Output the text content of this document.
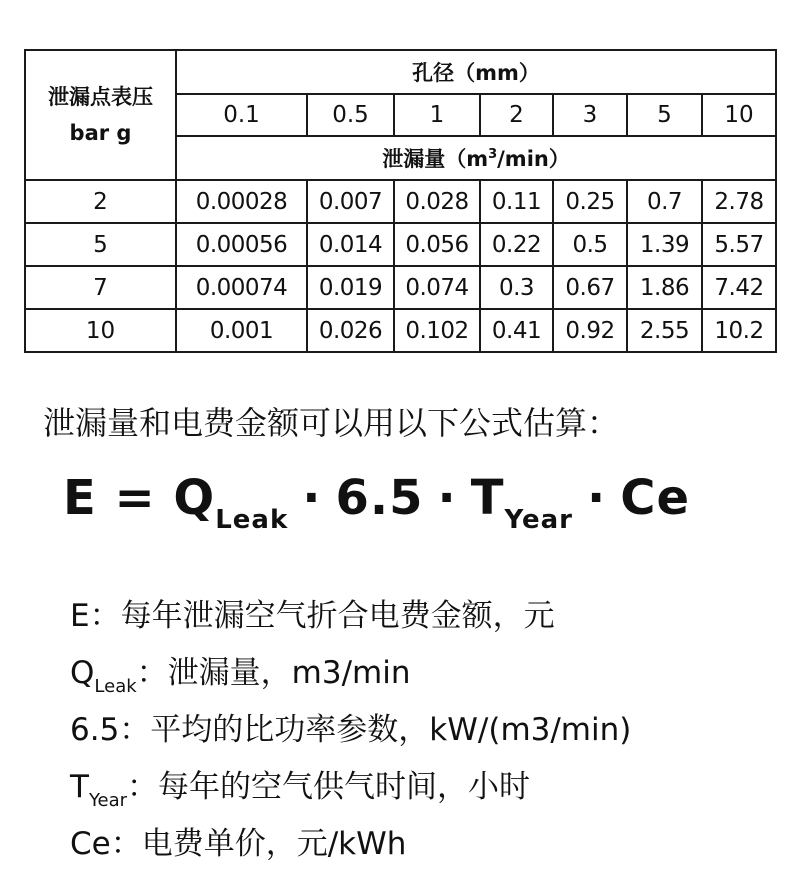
泄漏点表压
bar g	孔径（mm）						
	0.1	0.5	1	2	3	5	10
	泄漏量$(m^3/\min)$						
2	0.00028	0.007	0.028	0.11	0.25	0.7	2.78
5	0.00056	0.014	0.056	0.22	0.5	1.39	5.57
7	0.00074	0.019	0.074	0.3	0.67	1.86	7.42
10	0.001	0.026	0.102	0.41	0.92	2.55	10.2
泄漏量和电费金额可以用以下公式估算：
$E = Q_{Leak} \cdot 6.5 \cdot T_{Year} \cdot Ce$
E：每年泄漏空气折合电费金额，元
$Q_{Leak}$：泄漏量，m3/min
6.5：平均的比功率参数，kW/(m3/min)
$T_{Year}$：每年的空气供气时间，小时
Ce：电费单价，元/kWh
